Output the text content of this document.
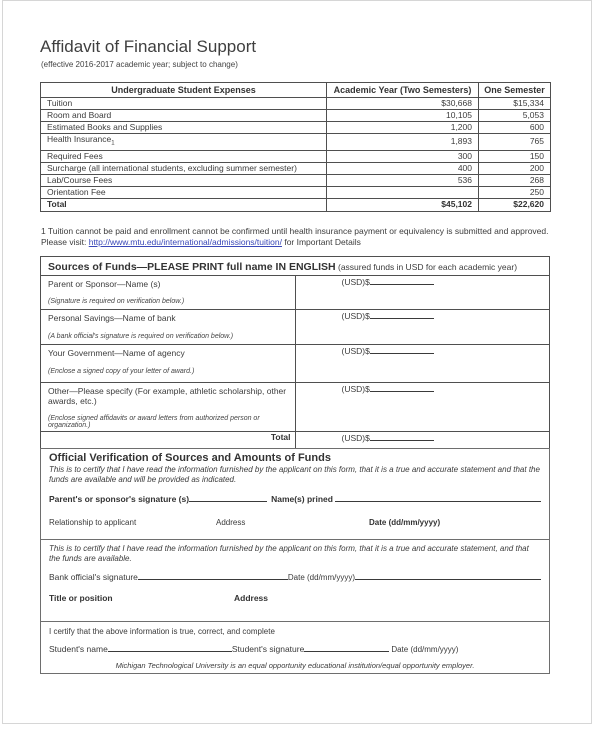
Affidavit of Financial Support
(effective 2016-2017 academic year; subject to change)
Undergraduate Student Expenses	Academic Year (Two Semesters)	One Semester
Tuition	$30,668	$15,334
Room and Board	10,105	5,053
Estimated Books and Supplies	1,200	600
Health Insurance$_1$	1,893	765
Required Fees	300	150
Surcharge (all international students, excluding summer semester)	400	200
Lab/Course Fees	536	268
Orientation Fee		250
Total	$45,102	$22,620

1 Tuition cannot be paid and enrollment cannot be confirmed until health insurance payment or equivalency is submitted and approved. Please visit: http://www.mtu.edu/international/admissions/tuition/ for Important Details

Sources of Funds—PLEASE PRINT full name IN ENGLISH (assured funds in USD for each academic year)	

Parent or Sponsor—Name (s)
(Signature is required on verification below.)	(USD)$

Personal Savings—Name of bank
(A bank official's signature is required on verification below.)	(USD)$

Your Government—Name of agency
(Enclose a signed copy of your letter of award.)	(USD)$

Other—Please specify (For example, athletic scholarship, other awards, etc.)
(Enclose signed affidavits or award letters from authorized person or organization.)	(USD)$
Total	(USD)$
Official Verification of Sources and Amounts of Funds
This is to certify that I have read the information furnished by the applicant on this form, that it is a true and accurate statement and that the funds are available and will be provided as indicated.
Parent's or sponsor's signature (s)	Name(s) prined
Relationship to applicant	Address	Date (dd/mm/yyyy)
This is to certify that I have read the information furnished by the applicant on this form, that it is a true and accurate statement, and that the funds are available.
Bank official's signature	Date (dd/mm/yyyy)
Title or position	Address
I certify that the above information is true, correct, and complete
Student's name	Student's signature	Date (dd/mm/yyyy)
Michigan Technological University is an equal opportunity educational institution/equal opportunity employer.
